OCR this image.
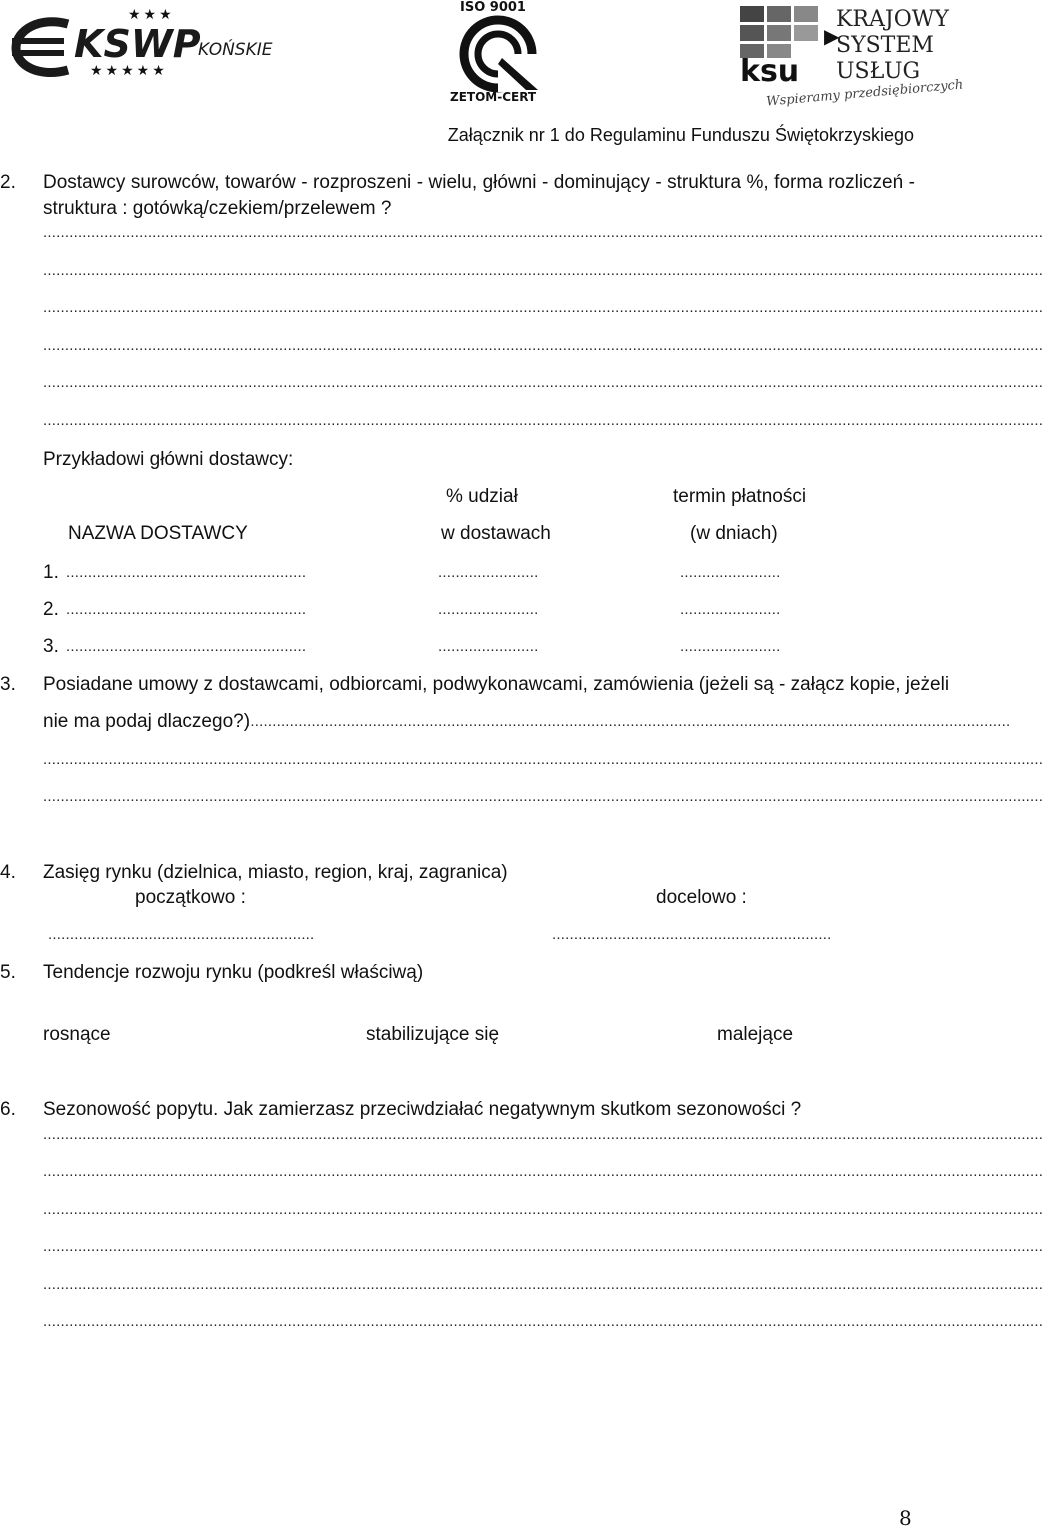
KSWP
KOŃSKIE
★★★★★
★★★	ISO 9001
ZETOM-CERT
ksu
▶
KRAJOWY
SYSTEM
USŁUG
Wspieramy przedsiębiorczych
Załącznik nr 1 do Regulaminu Funduszu Świętokrzyskiego
2. Dostawcy surowców, towarów - rozproszeni - wielu, główni - dominujący - struktura %, forma rozliczeń -
struktura : gotówką/czekiem/przelewem ?
.....................................................................................................................................................................................................................................
.....................................................................................................................................................................................................................................
.....................................................................................................................................................................................................................................
.....................................................................................................................................................................................................................................
.....................................................................................................................................................................................................................................
.....................................................................................................................................................................................................................................
Przykładowi główni dostawcy:
% udział	termin płatności
NAZWA DOSTAWCY	w dostawach	(w dniach)
1. .......................................................	.......................	.......................
2. .......................................................	.......................	.......................
3. .......................................................	.......................	.......................
3. Posiadane umowy z dostawcami, odbiorcami, podwykonawcami, zamówienia (jeżeli są - załącz kopie, jeżeli
nie ma podaj dlaczego?)
...............................................................................................................................................................................
.....................................................................................................................................................................................................................................
.....................................................................................................................................................................................................................................
4. Zasięg rynku (dzielnica, miasto, region, kraj, zagranica)
początkowo :	docelowo :
.............................................................	................................................................
5. Tendencje rozwoju rynku (podkreśl właściwą)
rosnące	stabilizujące się	malejące
6. Sezonowość popytu. Jak zamierzasz przeciwdziałać negatywnym skutkom sezonowości ?
.....................................................................................................................................................................................................................................
.....................................................................................................................................................................................................................................
.....................................................................................................................................................................................................................................
.....................................................................................................................................................................................................................................
.....................................................................................................................................................................................................................................
.....................................................................................................................................................................................................................................
8
